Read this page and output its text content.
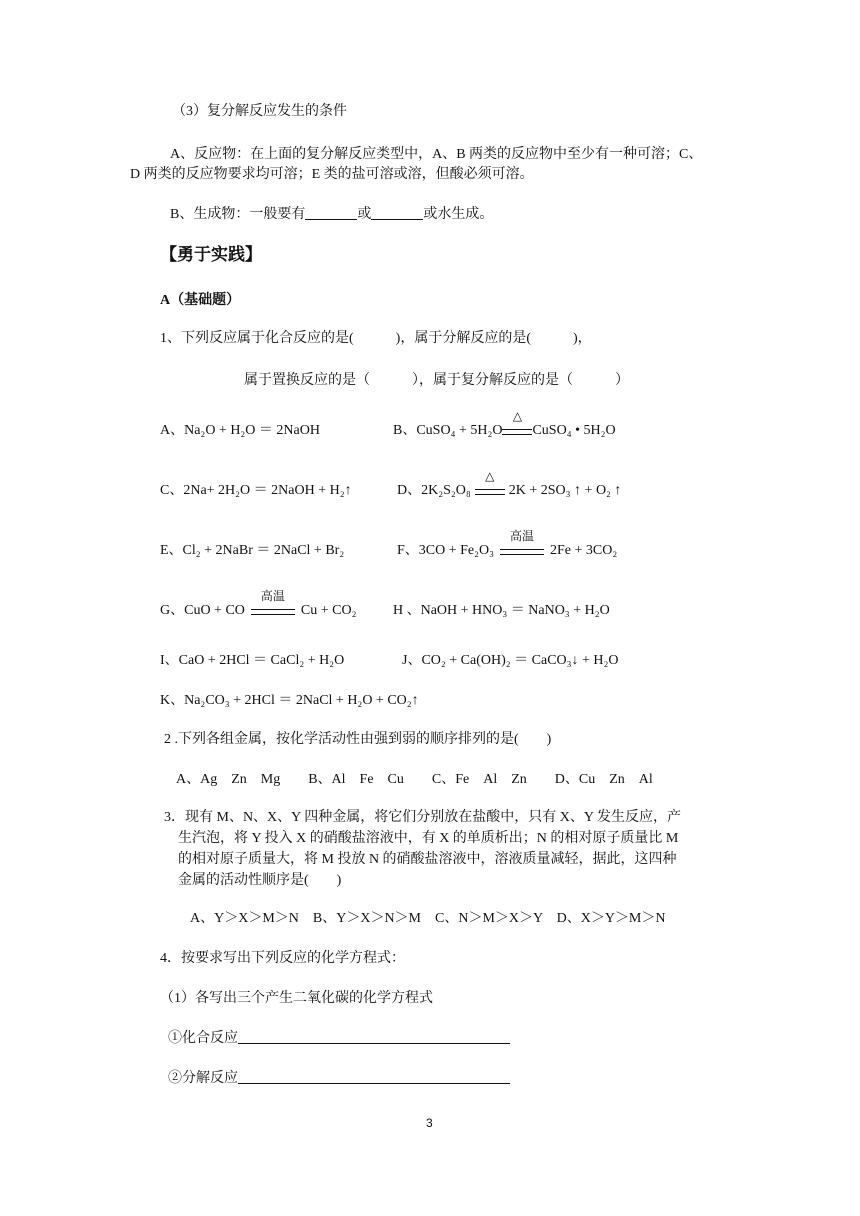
（3）复分解反应发生的条件
A、反应物：在上面的复分解反应类型中，A、B 两类的反应物中至少有一种可溶；C、
D 两类的反应物要求均可溶；E 类的盐可溶或溶，但酸必须可溶。
B、生成物：一般要有	或	或水生成。
【勇于实践】
A（基础题）
1、下列反应属于化合反应的是(　　　)，属于分解反应的是(　　　)，
属于置换反应的是（　　　），属于复分解反应的是（　　　）
A、Na₂O + H₂O ＝ 2NaOH	B、CuSO₄ + 5H₂O
△
CuSO₄ • 5H₂O
C、2Na+ 2H₂O ＝ 2NaOH + H₂↑	D、2K₂S₂O₈
△
2K + 2SO₃ ↑ + O₂ ↑
E、Cl₂ + 2NaBr ＝ 2NaCl + Br₂	F、3CO + Fe₂O₃
高温
2Fe + 3CO₂
G、CuO + CO
高温
Cu + CO₂	H 、NaOH + HNO₃ ＝ NaNO₃ + H₂O
I、CaO + 2HCl ＝ CaCl₂ + H₂O	J、CO₂ + Ca(OH)₂ ＝ CaCO₃↓ + H₂O
K、Na₂CO₃ + 2HCl ＝ 2NaCl + H₂O + CO₂↑
2 .下列各组金属，按化学活动性由强到弱的顺序排列的是(　　)
A、Ag　Zn　Mg　　B、Al　Fe　Cu　　C、Fe　Al　Zn　　D、Cu　Zn　Al
3．现有 M、N、X、Y 四种金属，将它们分别放在盐酸中，只有 X、Y 发生反应，产
生汽泡，将 Y 投入 X 的硝酸盐溶液中，有 X 的单质析出；N 的相对原子质量比 M
的相对原子质量大，将 M 投放 N 的硝酸盐溶液中，溶液质量减轻，据此，这四种
金属的活动性顺序是(　　)
A、Y＞X＞M＞N　B、Y＞X＞N＞M　C、N＞M＞X＞Y　D、X＞Y＞M＞N
4．按要求写出下列反应的化学方程式：
（1）各写出三个产生二氧化碳的化学方程式
①化合反应
②分解反应
3
